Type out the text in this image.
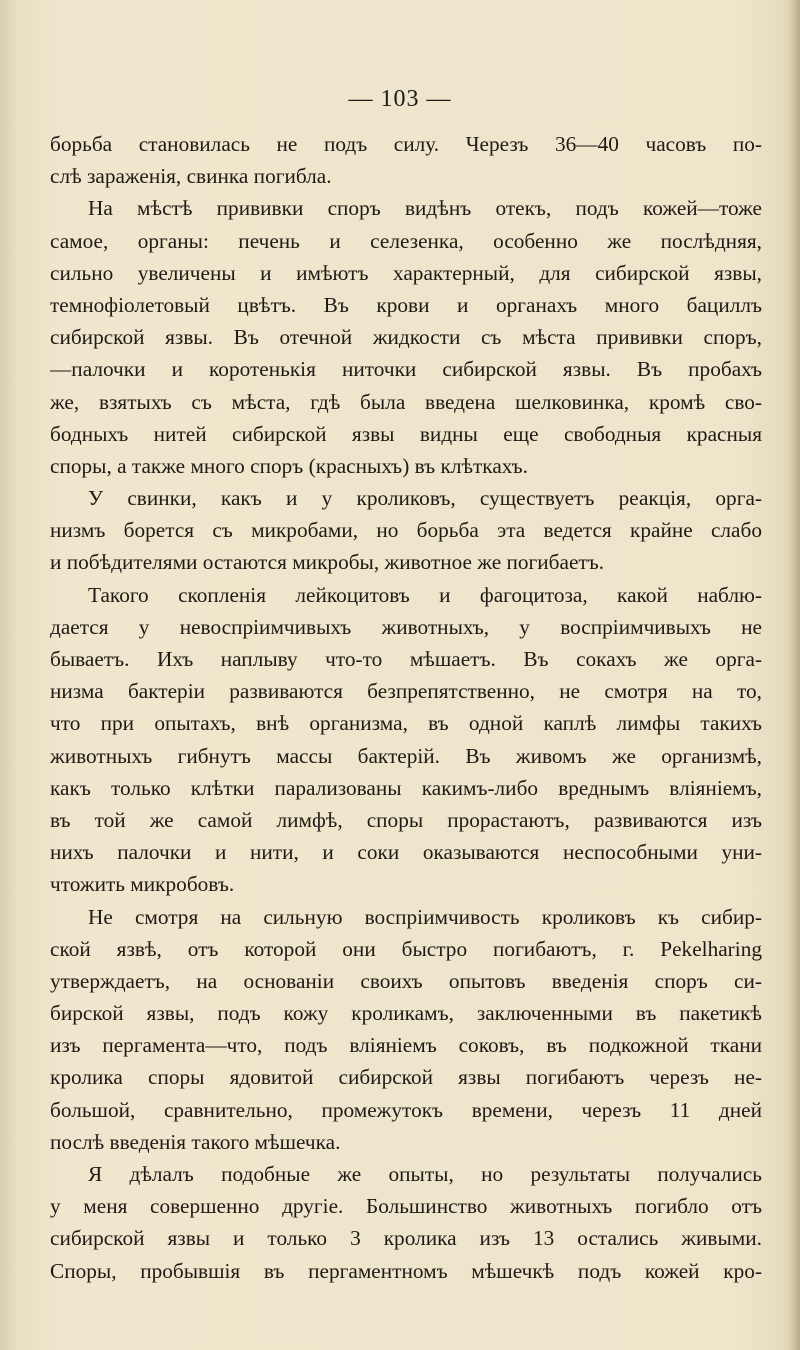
— 103 —
борьба становилась не подъ силу. Черезъ 36—40 часовъ по-
слѣ зараженія, свинка погибла.
На мѣстѣ прививки споръ видѣнъ отекъ, подъ кожей—тоже
самое, органы: печень и селезенка, особенно же послѣдняя,
сильно увеличены и имѣютъ характерный, для сибирской язвы,
темнофіолетовый цвѣтъ. Въ крови и органахъ много бациллъ
сибирской язвы. Въ отечной жидкости съ мѣста прививки споръ,
—палочки и коротенькія ниточки сибирской язвы. Въ пробахъ
же, взятыхъ съ мѣста, гдѣ была введена шелковинка, кромѣ сво-
бодныхъ нитей сибирской язвы видны еще свободныя красныя
споры, а также много споръ (красныхъ) въ клѣткахъ.
У свинки, какъ и у кроликовъ, существуетъ реакція, орга-
низмъ борется съ микробами, но борьба эта ведется крайне слабо
и побѣдителями остаются микробы, животное же погибаетъ.
Такого скопленія лейкоцитовъ и фагоцитоза, какой наблю-
дается у невоспріимчивыхъ животныхъ, у воспріимчивыхъ не
бываетъ. Ихъ наплыву что-то мѣшаетъ. Въ сокахъ же орга-
низма бактеріи развиваются безпрепятственно, не смотря на то,
что при опытахъ, внѣ организма, въ одной каплѣ лимфы такихъ
животныхъ гибнутъ массы бактерій. Въ живомъ же организмѣ,
какъ только клѣтки парализованы какимъ-либо вреднымъ вліяніемъ,
въ той же самой лимфѣ, споры прорастаютъ, развиваются изъ
нихъ палочки и нити, и соки оказываются неспособными уни-
чтожить микробовъ.
Не смотря на сильную воспріимчивость кроликовъ къ сибир-
ской язвѣ, отъ которой они быстро погибаютъ, г. Pekelharing
утверждаетъ, на основаніи своихъ опытовъ введенія споръ си-
бирской язвы, подъ кожу кроликамъ, заключенными въ пакетикѣ
изъ пергамента—что, подъ вліяніемъ соковъ, въ подкожной ткани
кролика споры ядовитой сибирской язвы погибаютъ черезъ не-
большой, сравнительно, промежутокъ времени, черезъ 11 дней
послѣ введенія такого мѣшечка.
Я дѣлалъ подобные же опыты, но результаты получались
у меня совершенно другіе. Большинство животныхъ погибло отъ
сибирской язвы и только 3 кролика изъ 13 остались живыми.
Споры, пробывшія въ пергаментномъ мѣшечкѣ подъ кожей кро-
